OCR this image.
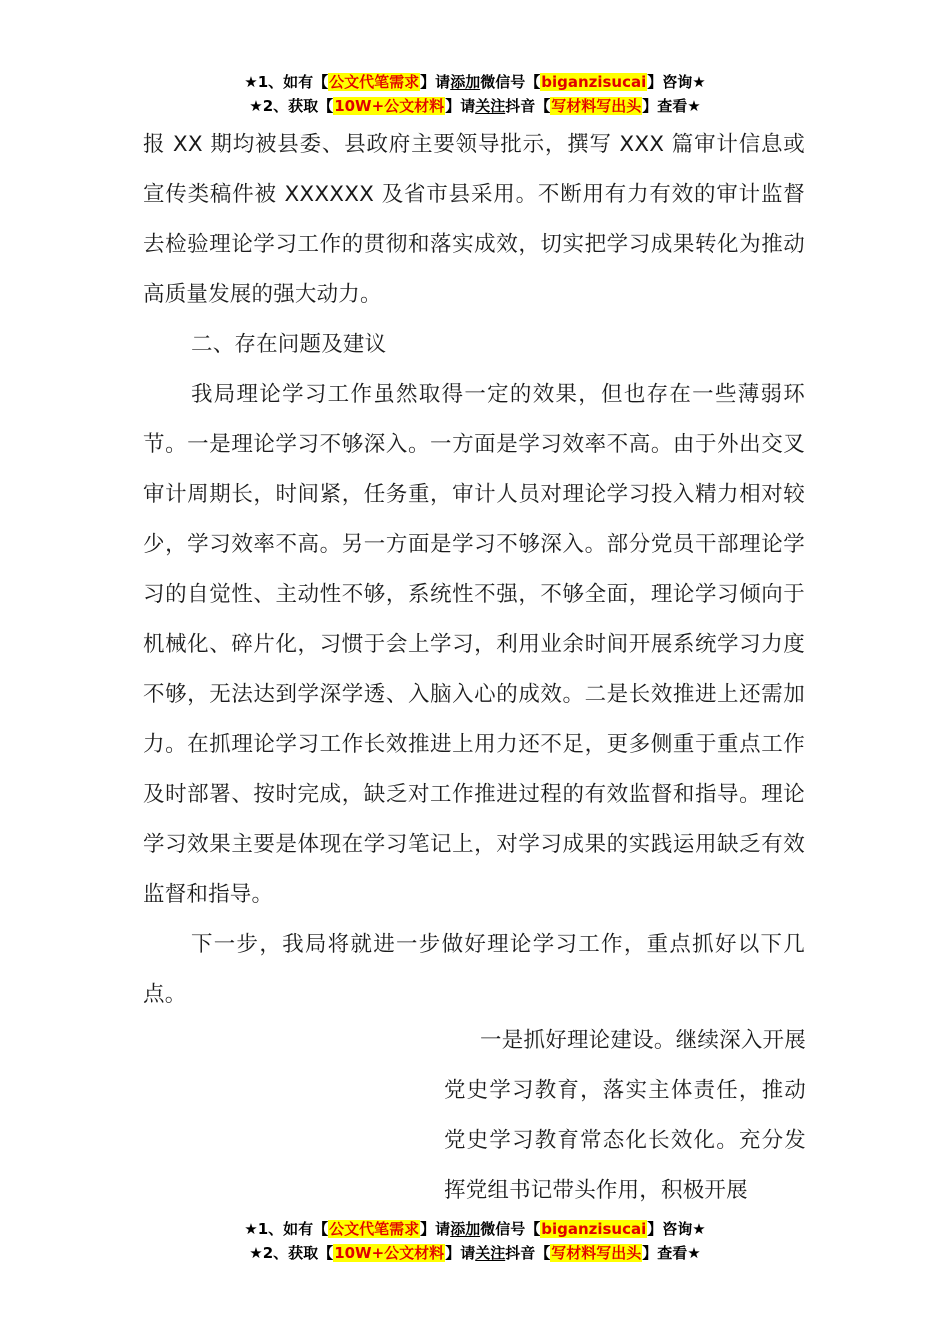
★1、如有【公文代笔需求】请添加微信号【biganzisucai】咨询★
★2、获取【10W+公文材料】请关注抖音【写材料写出头】查看★

报 XX 期均被县委、县政府主要领导批示，撰写 XXX 篇审计信息或宣传类稿件被 XXXXXX 及省市县采用。不断用有力有效的审计监督去检验理论学习工作的贯彻和落实成效，切实把学习成果转化为推动高质量发展的强大动力。

二、存在问题及建议

我局理论学习工作虽然取得一定的效果，但也存在一些薄弱环节。一是理论学习不够深入。一方面是学习效率不高。由于外出交叉审计周期长，时间紧，任务重，审计人员对理论学习投入精力相对较少，学习效率不高。另一方面是学习不够深入。部分党员干部理论学习的自觉性、主动性不够，系统性不强，不够全面，理论学习倾向于机械化、碎片化，习惯于会上学习，利用业余时间开展系统学习力度不够，无法达到学深学透、入脑入心的成效。二是长效推进上还需加力。在抓理论学习工作长效推进上用力还不足，更多侧重于重点工作及时部署、按时完成，缺乏对工作推进过程的有效监督和指导。理论学习效果主要是体现在学习笔记上，对学习成果的实践运用缺乏有效监督和指导。

下一步，我局将就进一步做好理论学习工作，重点抓好以下几点。

一是抓好理论建设。继续深入开展党史学习教育，落实主体责任，推动党史学习教育常态化长效化。充分发挥党组书记带头作用，积极开展

★1、如有【公文代笔需求】请添加微信号【biganzisucai】咨询★
★2、获取【10W+公文材料】请关注抖音【写材料写出头】查看★
